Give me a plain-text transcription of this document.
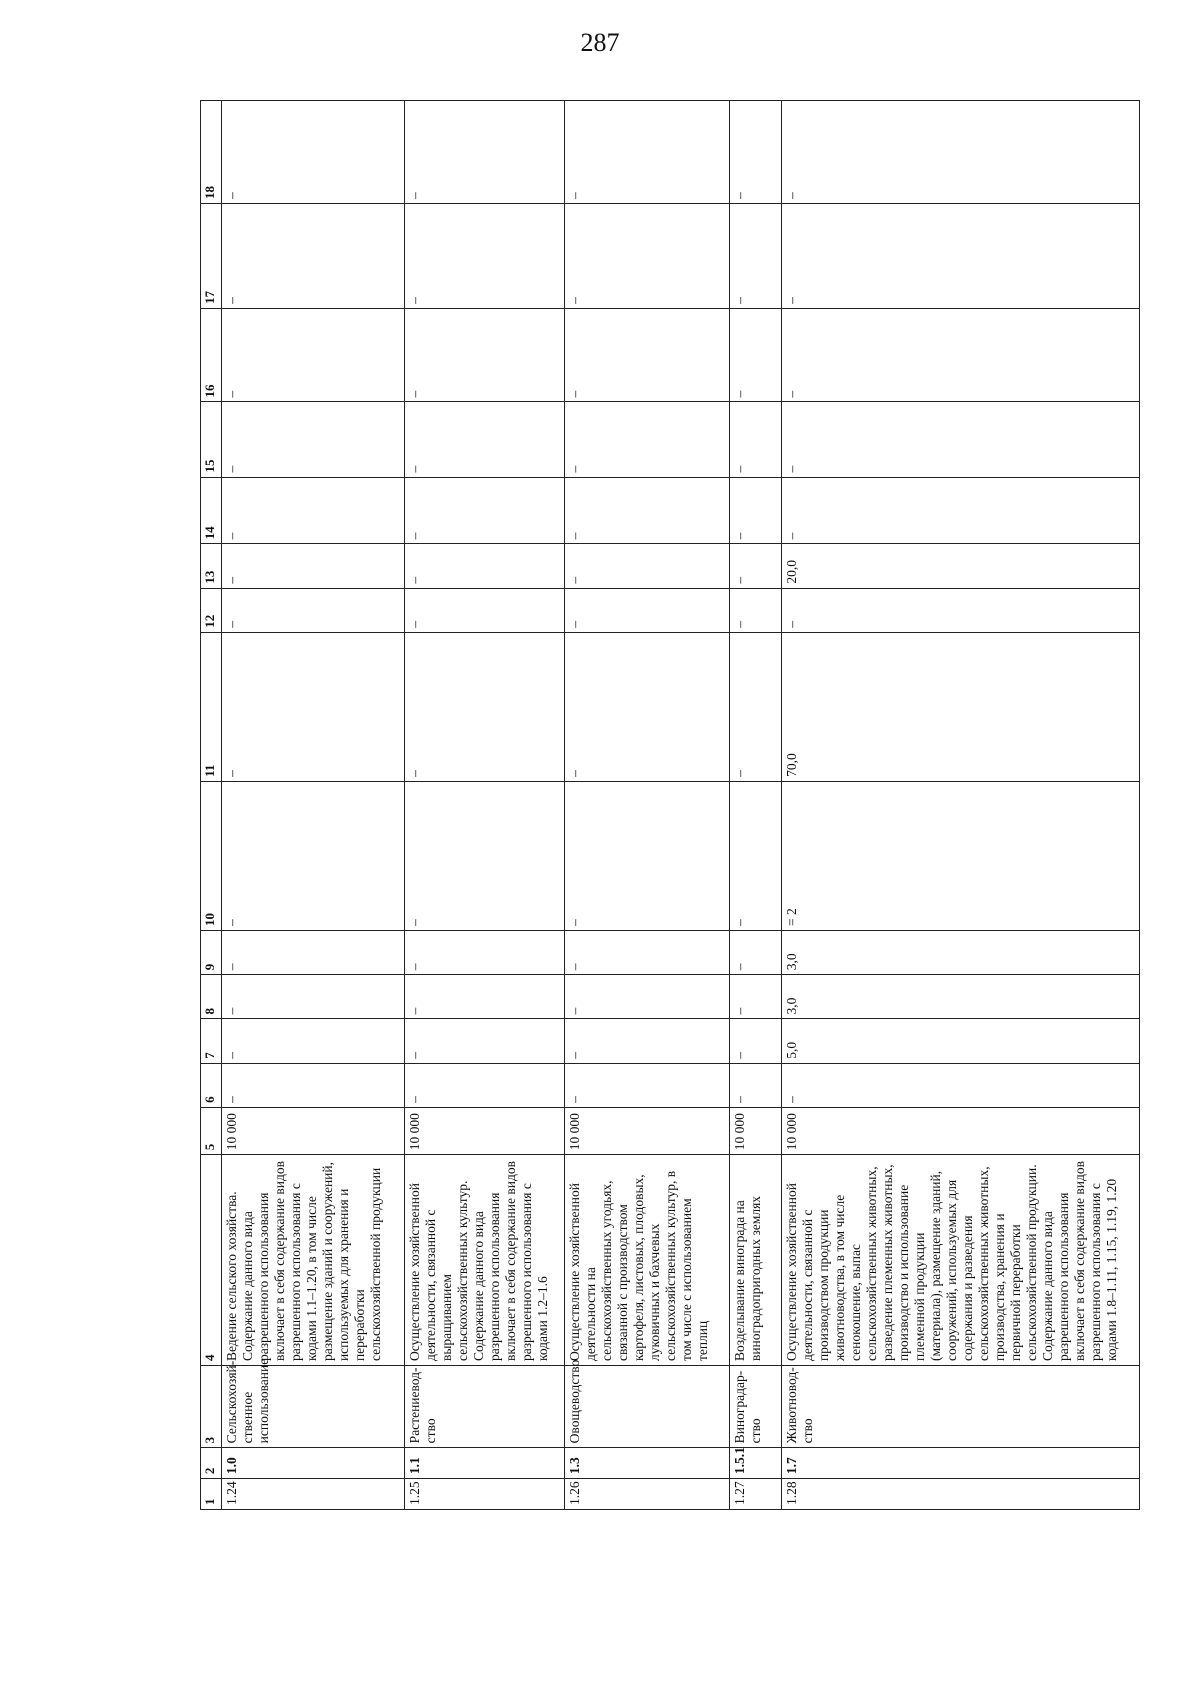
287
1	2	3	4	5	6	7	8	9	10	11	12	13	14	15	16	17	18
1.24	1.0	Сельскохозяй-ственное использование	Ведение сельского хозяйства. Содержание данного вида разрешенного использования включает в себя содержание видов разрешенного использования с кодами 1.1–1.20, в том числе размещение зданий и сооружений, используемых для хранения и переработки сельскохозяйственной продукции	10 000	–	–	–	–	–	–	–	–	–	–	–	–	–
1.25	1.1	Растениевод-ство	Осуществление хозяйственной деятельности, связанной с выращиванием сельскохозяйственных культур. Содержание данного вида разрешенного использования включает в себя содержание видов разрешенного использования с кодами 1.2–1.6	10 000	–	–	–	–	–	–	–	–	–	–	–	–	–
1.26	1.3	Овощеводство	Осуществление хозяйственной деятельности на сельскохозяйственных угодьях, связанной с производством картофеля, листовых, плодовых, луковичных и бахчевых сельскохозяйственных культур, в том числе с использованием теплиц	10 000	–	–	–	–	–	–	–	–	–	–	–	–	–
1.27	1.5.1	Виноградар-ство	Возделывание винограда на виноградопригодных землях	10 000	–	–	–	–	–	–	–	–	–	–	–	–	–
1.28	1.7	Животновод-ство	Осуществление хозяйственной деятельности, связанной с производством продукции животноводства, в том числе сенокошение, выпас сельскохозяйственных животных, разведение племенных животных, производство и использование племенной продукции (материала), размещение зданий, сооружений, используемых для содержания и разведения сельскохозяйственных животных, производства, хранения и первичной переработки сельскохозяйственной продукции. Содержание данного вида разрешенного использования включает в себя содержание видов разрешенного использования с кодами 1.8–1.11, 1.15, 1.19, 1.20	10 000	–	5,0	3,0	3,0	= 2	70,0	–	20,0	–	–	–	–	–
